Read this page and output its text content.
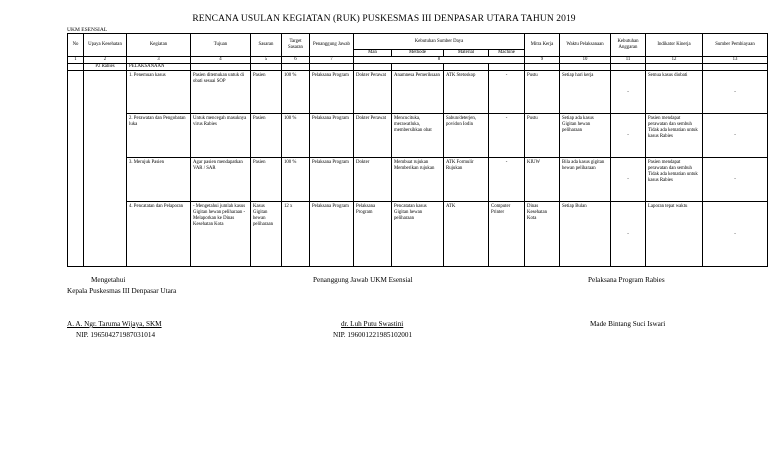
RENCANA USULAN KEGIATAN (RUK) PUSKESMAS III DENPASAR UTARA TAHUN 2019
UKM ESENSIAL
No	Upaya Kesehatan	Kegiatan	Tujuan	Sasaran	Target Sasaran	Penanggung Jawab	Kebutuhan Sumber Daya				Mitra Kerja	Waktu Pelaksanaan	Kebutuhan Anggaran	Indikator Kinerja	Sumber Pembiayaan
							Man	Methode	Material	Machine					
1	2	3	4	5	6	7	8				9	10	11	12	13
	P2 Rabies	PELAKSANAAN													
		1. Penemuan kasus	Pasien ditemukan untuk di obati sesuai SOP	Pasien	100 %	Pelaksana Program	Dokter Perawat	Anamnesa Pemeriksaan	ATK Stetoskop	-	Pustu	Setiap hari kerja	-	Semua kasus diobati	-
		2. Perawatan dan Pengobatan luka	Untuk mencegah masuknya virus Rabies	Pasien	100 %	Pelaksana Program	Dokter Perawat	Mencucituka, merawatluka, membersihkan obat	Sabun/deterjen, povidon Iodin	-	Pustu	Setiap ada kasus Gigitan hewan peliharaan	-	Pasien mendapat perawatan dan sembuh Tidak ada kematian untuk kasus Rabies	-
		3. Merujuk Pasien	Agar pasien mendapatkan VAR / SAR	Pasien	100 %	Pelaksana Program	Dokter	Membuat rujukan Memberikan rujukan	ATK Formulir Rujukan	-	KIUW	Bila ada kasus gigitan hewan peliharaan	-	Pasien mendapat perawatan dan sembuh Tidak ada kematian untuk kasus Rabies	-
		4. Pencatatan dan Pelaporan	- Mengetahui jumlah kasus Gigitan hewan peliharaan - Melaporkan ke Dinas Kesehatan Kota	Kasus Gigitan hewan peliharaan	12 x	Pelaksana Program	Pelaksana Program	Pencatatan kasus Gigitan hewan peliharaan	ATK	Computer Printer	Dinas Kesehatan Kota	Setiap Bulan	-	Laporan tepat waktu	-
Mengetahui
Kepala Puskesmas III Denpasar Utara
A. A. Ngr. Taruma Wijaya, SKM
NIP. 196504271987031014
Penanggung Jawab UKM Esensial
dr. Luh Putu Swastini
NIP. 196001221985102001
Pelaksana Program Rabies
Made Bintang Suci Iswari
